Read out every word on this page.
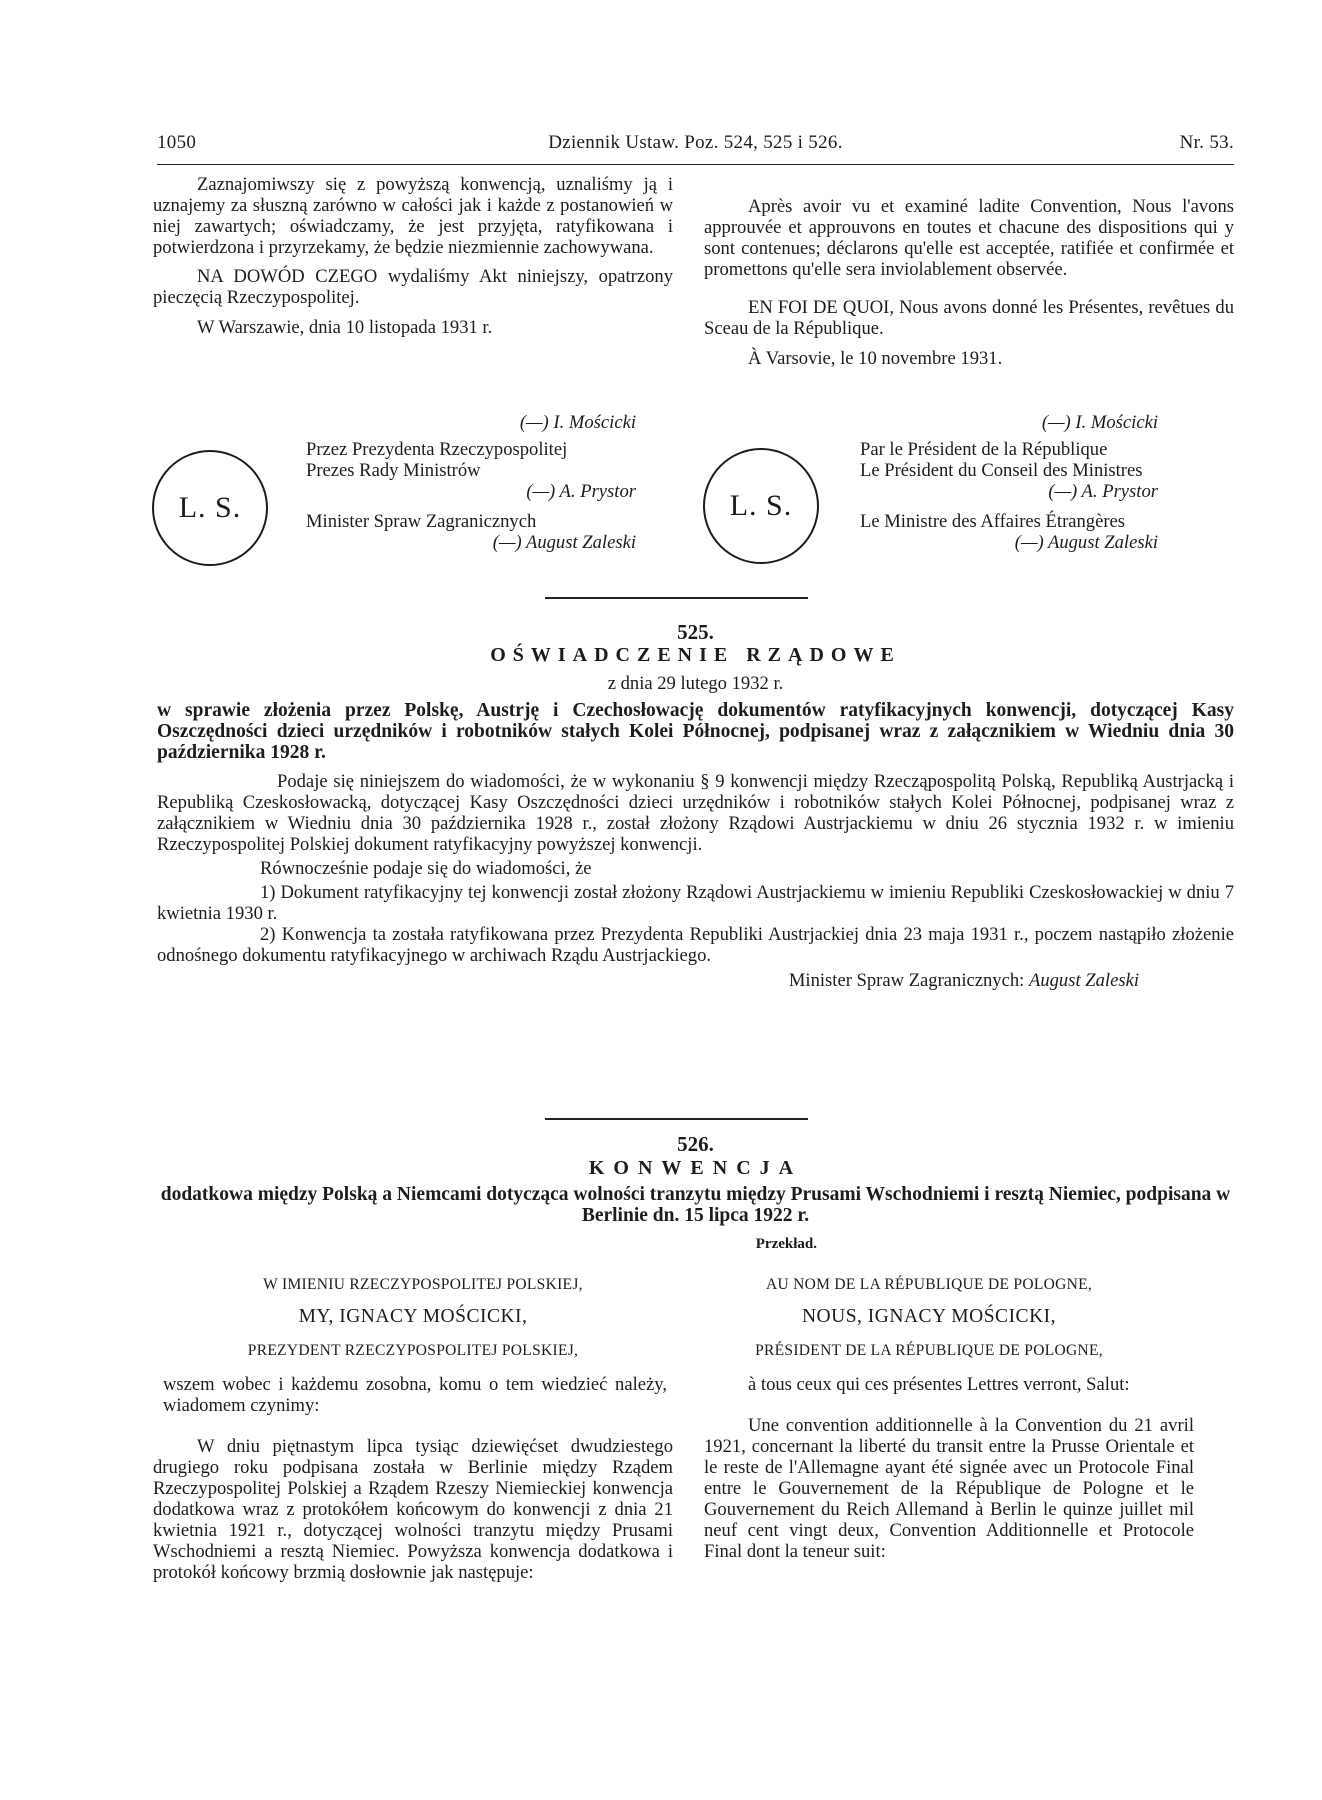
1050	Dziennik Ustaw. Poz. 524, 525 i 526.	Nr. 53.

Zaznajomiwszy się z powyższą konwencją, uznaliśmy ją i uznajemy za słuszną zarówno w całości jak i każde z postanowień w niej zawartych; oświadczamy, że jest przyjęta, ratyfikowana i potwierdzona i przyrzekamy, że będzie niezmiennie zachowywana.

NA DOWÓD CZEGO wydaliśmy Akt niniejszy, opatrzony pieczęcią Rzeczypospolitej.

W Warszawie, dnia 10 listopada 1931 r.

(—) I. Mościcki

Przez Prezydenta Rzeczypospolitej

Prezes Rady Ministrów

(—) A. Prystor

Minister Spraw Zagranicznych

(—) August Zaleski

L. S.

Après avoir vu et examiné ladite Convention, Nous l'avons approuvée et approuvons en toutes et chacune des dispositions qui y sont contenues; déclarons qu'elle est acceptée, ratifiée et confirmée et promettons qu'elle sera inviolablement observée.

EN FOI DE QUOI, Nous avons donné les Présentes, revêtues du Sceau de la République.

À Varsovie, le 10 novembre 1931.

(—) I. Mościcki

Par le Président de la République

Le Président du Conseil des Ministres

(—) A. Prystor

Le Ministre des Affaires Étrangères

(—) August Zaleski

L. S.

525.

OŚWIADCZENIE RZĄDOWE

z dnia 29 lutego 1932 r.

w sprawie złożenia przez Polskę, Austrję i Czechosłowację dokumentów ratyfikacyjnych konwencji, dotyczącej Kasy Oszczędności dzieci urzędników i robotników stałych Kolei Północnej, podpisanej wraz z załącznikiem w Wiedniu dnia 30 października 1928 r.

Podaje się niniejszem do wiadomości, że w wykonaniu § 9 konwencji między Rzecząpospolitą Polską, Republiką Austrjacką i Republiką Czeskosłowacką, dotyczącej Kasy Oszczędności dzieci urzędników i robotników stałych Kolei Północnej, podpisanej wraz z załącznikiem w Wiedniu dnia 30 października 1928 r., został złożony Rządowi Austrjackiemu w dniu 26 stycznia 1932 r. w imieniu Rzeczypospolitej Polskiej dokument ratyfikacyjny powyższej konwencji.

Równocześnie podaje się do wiadomości, że

1) Dokument ratyfikacyjny tej konwencji został złożony Rządowi Austrjackiemu w imieniu Republiki Czeskosłowackiej w dniu 7 kwietnia 1930 r.

2) Konwencja ta została ratyfikowana przez Prezydenta Republiki Austrjackiej dnia 23 maja 1931 r., poczem nastąpiło złożenie odnośnego dokumentu ratyfikacyjnego w archiwach Rządu Austrjackiego.

Minister Spraw Zagranicznych: August Zaleski

526.

KONWENCJA

dodatkowa między Polską a Niemcami dotycząca wolności tranzytu między Prusami Wschodniemi i resztą Niemiec, podpisana w Berlinie dn. 15 lipca 1922 r.

Przekład.

W IMIENIU RZECZYPOSPOLITEJ POLSKIEJ,

MY, IGNACY MOŚCICKI,

PREZYDENT RZECZYPOSPOLITEJ POLSKIEJ,

wszem wobec i każdemu zosobna, komu o tem wiedzieć należy, wiadomem czynimy:

W dniu piętnastym lipca tysiąc dziewięćset dwudziestego drugiego roku podpisana została w Berlinie między Rządem Rzeczypospolitej Polskiej a Rządem Rzeszy Niemieckiej konwencja dodatkowa wraz z protokółem końcowym do konwencji z dnia 21 kwietnia 1921 r., dotyczącej wolności tranzytu między Prusami Wschodniemi a resztą Niemiec. Powyższa konwencja dodatkowa i protokół końcowy brzmią dosłownie jak następuje:

AU NOM DE LA RÉPUBLIQUE DE POLOGNE,

NOUS, IGNACY MOŚCICKI,

PRÉSIDENT DE LA RÉPUBLIQUE DE POLOGNE,

à tous ceux qui ces présentes Lettres verront, Salut:

Une convention additionnelle à la Convention du 21 avril 1921, concernant la liberté du transit entre la Prusse Orientale et le reste de l'Allemagne ayant été signée avec un Protocole Final entre le Gouvernement de la République de Pologne et le Gouvernement du Reich Allemand à Berlin le quinze juillet mil neuf cent vingt deux, Convention Additionnelle et Protocole Final dont la teneur suit:
